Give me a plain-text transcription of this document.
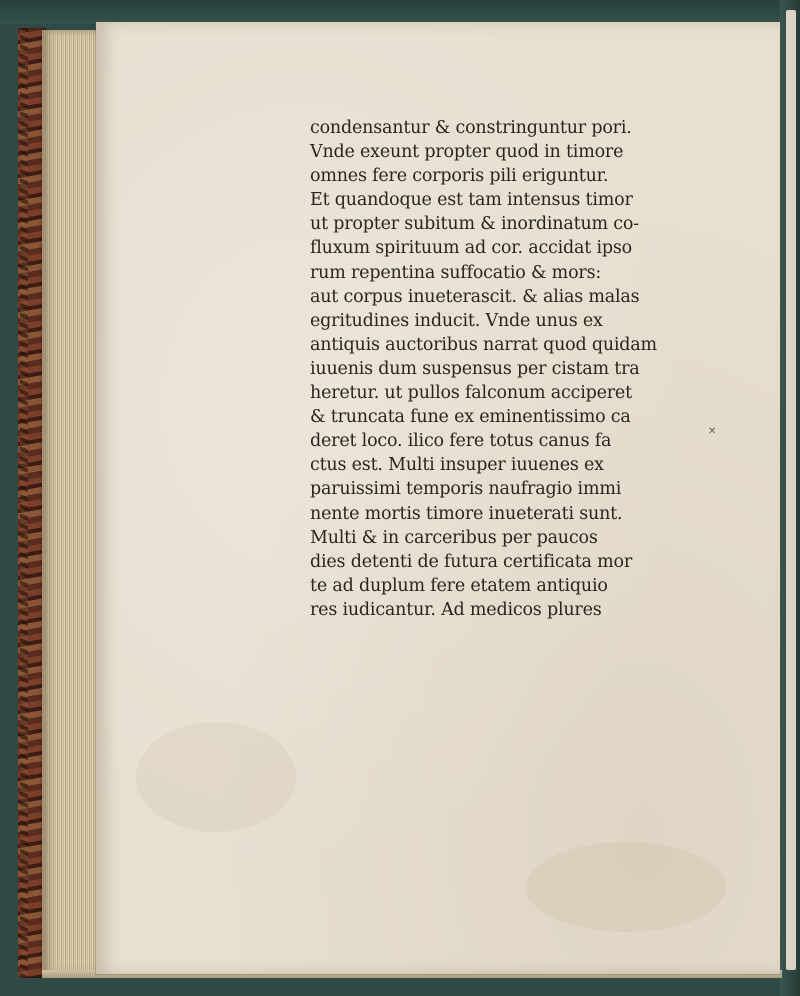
✕
condensantur & constringuntur pori.
Vnde exeunt propter quod in timore
omnes fere corporis pili eriguntur.
Et quandoque est tam intensus timor
ut propter subitum & inordinatum co-
fluxum spirituum ad cor. accidat ipso
rum repentina suffocatio & mors:
aut corpus inueterascit. & alias malas
egritudines inducit. Vnde unus ex
antiquis auctoribus narrat quod quidam
iuuenis dum suspensus per cistam tra
heretur. ut pullos falconum acciperet
& truncata fune ex eminentissimo ca
deret loco. ilico fere totus canus fa
ctus est. Multi insuper iuuenes ex
paruissimi temporis naufragio immi
nente mortis timore inueterati sunt.
Multi & in carceribus per paucos
dies detenti de futura certificata mor
te ad duplum fere etatem antiquio
res iudicantur. Ad medicos plures
